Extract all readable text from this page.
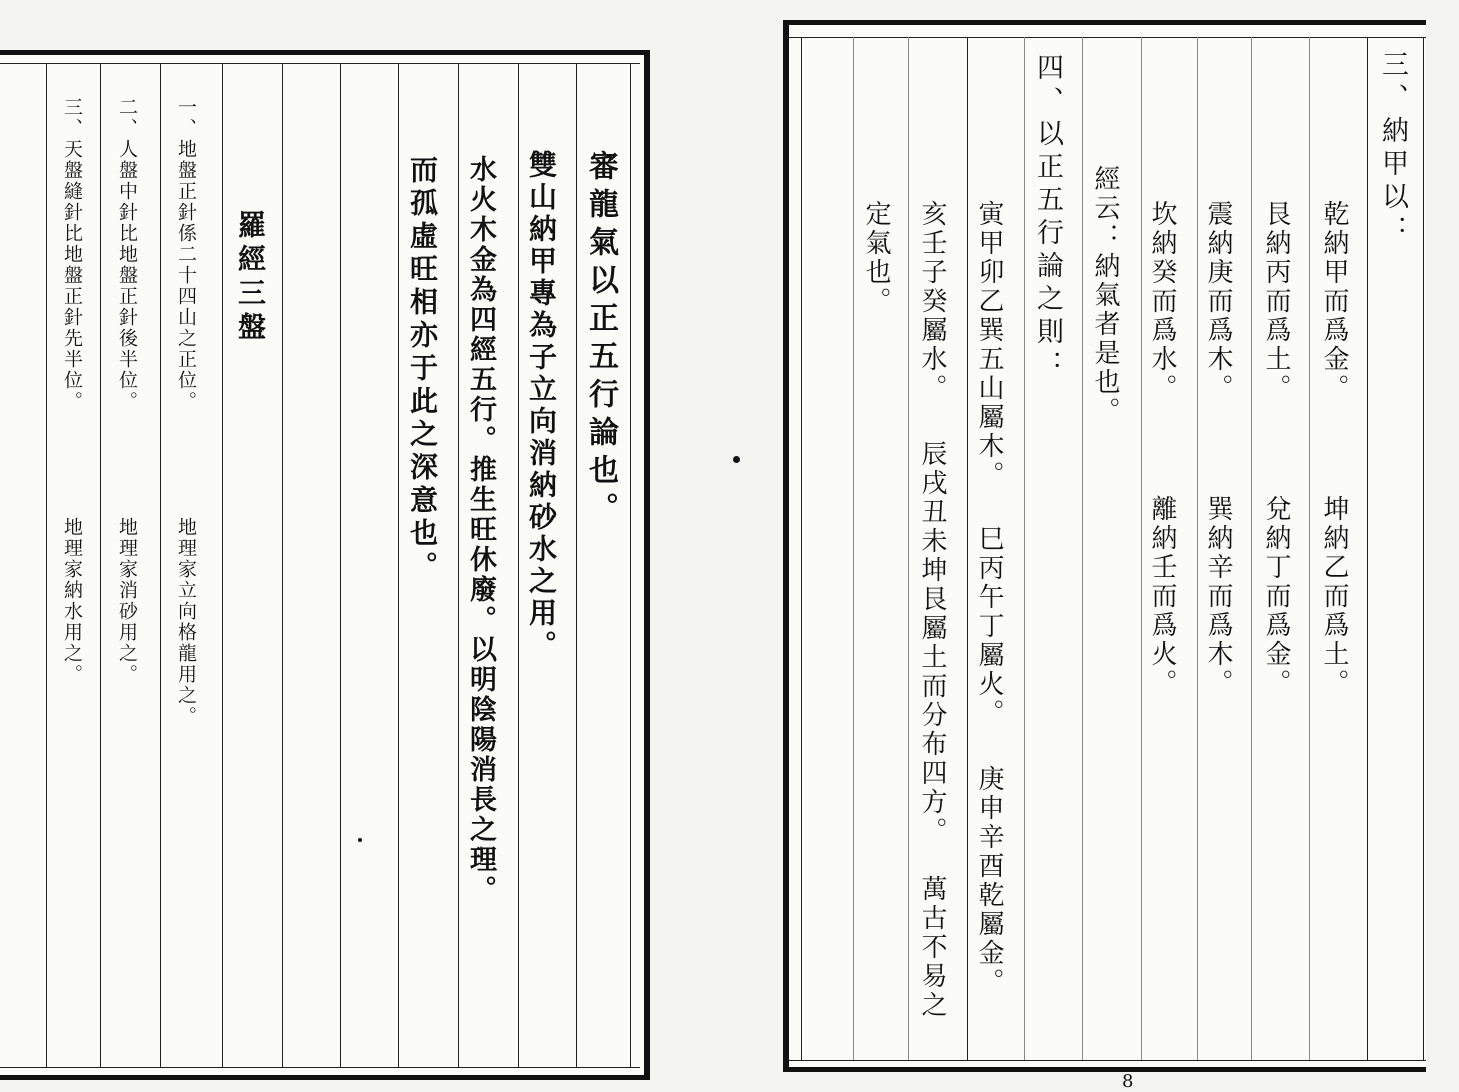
審龍氣以正五行論也。
雙山納甲專為子立向消納砂水之用。
水火木金為四經五行。推生旺休廢。以明陰陽消長之理。
而孤虛旺相亦于此之深意也。
羅經三盤
一、地盤正針係二十四山之正位。
地理家立向格龍用之。
二、人盤中針比地盤正針後半位。
地理家消砂用之。
三、天盤縫針比地盤正針先半位。
地理家納水用之。
三、納甲以：
乾納甲而爲金。
坤納乙而爲土。
艮納丙而爲土。
兌納丁而爲金。
震納庚而爲木。
巽納辛而爲木。
坎納癸而爲水。
離納壬而爲火。
經云：納氣者是也。
四、以正五行論之則：
寅甲卯乙巽五山屬木。
巳丙午丁屬火。
庚申辛酉乾屬金。
亥壬子癸屬水。
辰戌丑未坤艮屬土而分布四方。
萬古不易之
定氣也。
8
